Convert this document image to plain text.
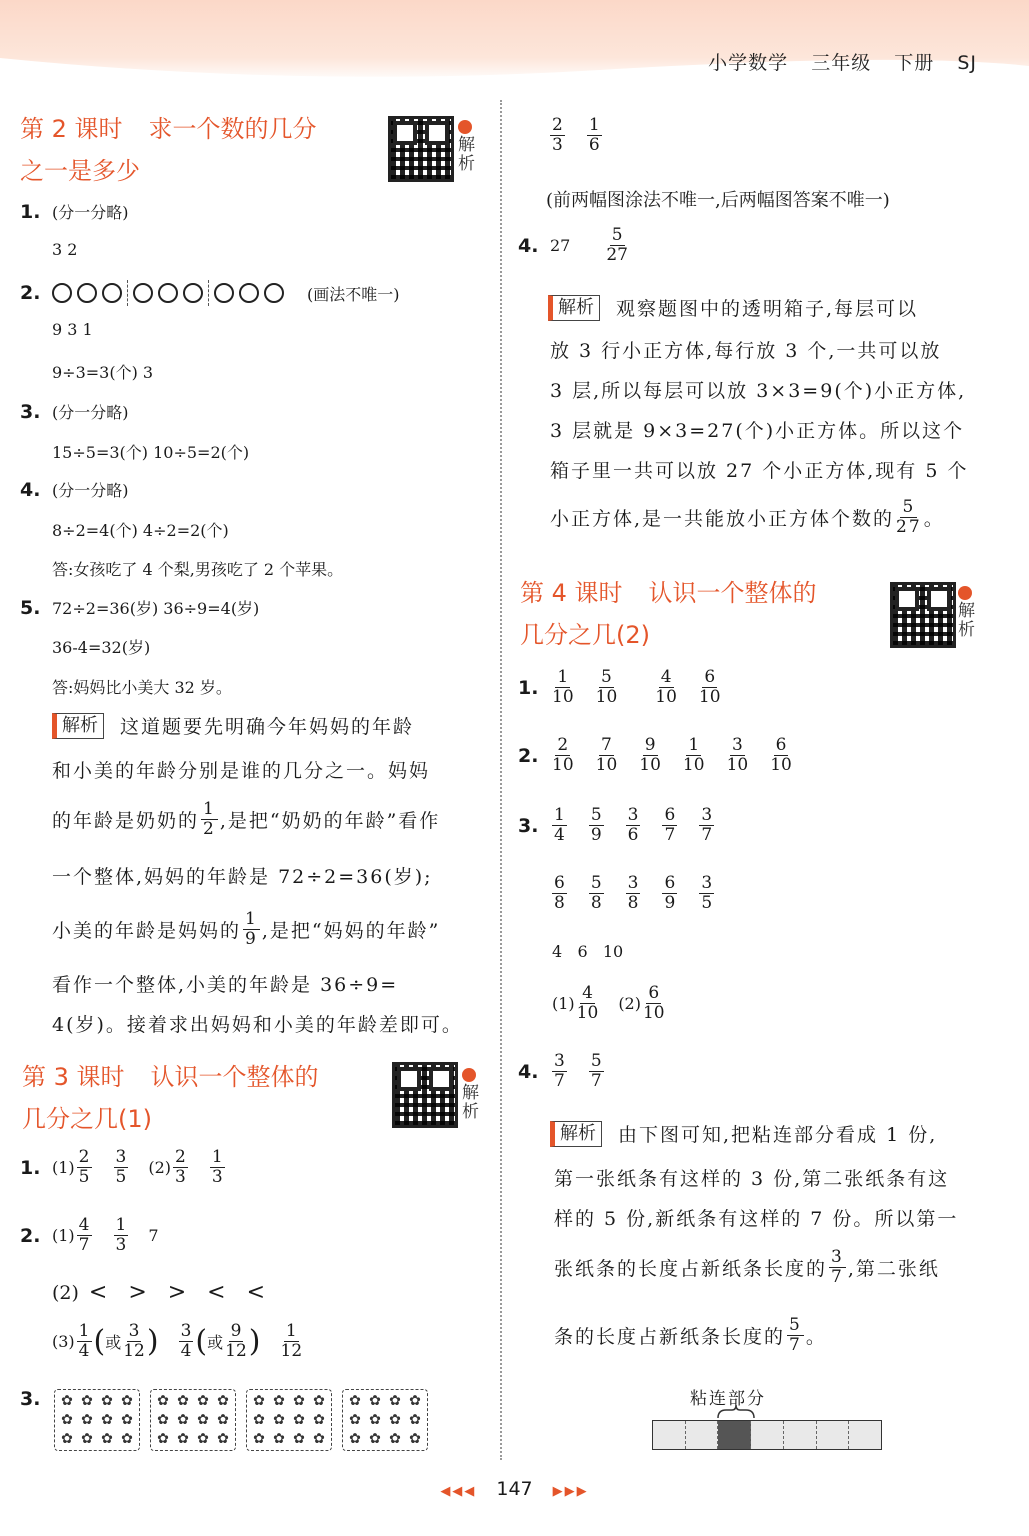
小学数学 三年级 下册 SJ
第 2 课时 求一个数的几分
之一是多少
解析
1. (分一分略)
3 2
2.	(画法不唯一)
9 3 1
9÷3=3(个) 3
3. (分一分略)
15÷5=3(个) 10÷5=2(个)
4. (分一分略)
8÷2=4(个) 4÷2=2(个)
答:女孩吃了 4 个梨,男孩吃了 2 个苹果。
5. 72÷2=36(岁) 36÷9=4(岁)
36-4=32(岁)
答:妈妈比小美大 32 岁。
解析	这道题要先明确今年妈妈的年龄
和小美的年龄分别是谁的几分之一。妈妈
的年龄是奶奶的 $\frac{1}{2}$ ,是把“奶奶的年龄”看作
一个整体,妈妈的年龄是 72÷2=36(岁);
小美的年龄是妈妈的 $\frac{1}{9}$ ,是把“妈妈的年龄”
看作一个整体,小美的年龄是 36÷9=
4(岁)。接着求出妈妈和小美的年龄差即可。
第 3 课时 认识一个整体的
几分之几(1)
解析
1. $(1) \frac{2}{5} \frac{3}{5} (2) \frac{2}{3} \frac{1}{3}$
2. $(1) \frac{4}{7} \frac{1}{3} 7$
(2) <   >   >   <   <
$(3) \frac{1}{4}$ ( 或 $\frac{3}{12}$ ) $\frac{3}{4}$ ( 或 $\frac{9}{12}$ ) $\frac{1}{12}$
3.	✿ ✿ ✿ ✿
✿ ✿ ✿ ✿
✿ ✿ ✿ ✿
✿ ✿ ✿ ✿
✿ ✿ ✿ ✿
✿ ✿ ✿ ✿
✿ ✿ ✿ ✿
✿ ✿ ✿ ✿
✿ ✿ ✿ ✿
✿ ✿ ✿ ✿
✿ ✿ ✿ ✿
✿ ✿ ✿ ✿
$\frac{2}{3} \frac{1}{6}$
(前两幅图涂法不唯一,后两幅图答案不唯一)
4. $27 \frac{5}{27}$
解析	观察题图中的透明箱子,每层可以
放 3 行小正方体,每行放 3 个,一共可以放
3 层,所以每层可以放 3×3=9(个)小正方体,
3 层就是 9×3=27(个)小正方体。所以这个
箱子里一共可以放 27 个小正方体,现有 5 个
小正方体,是一共能放小正方体个数的 $\frac{5}{27}$ 。
第 4 课时 认识一个整体的
几分之几(2)
解析
1. $\frac{1}{10} \frac{5}{10} \frac{4}{10} \frac{6}{10}$
2. $\frac{2}{10} \frac{7}{10} \frac{9}{10} \frac{1}{10} \frac{3}{10} \frac{6}{10}$
3. $\frac{1}{4} \frac{5}{9} \frac{3}{6} \frac{6}{7} \frac{3}{7}$
$\frac{6}{8} \frac{5}{8} \frac{3}{8} \frac{6}{9} \frac{3}{5}$
4   6   10
$(1) \frac{4}{10} (2) \frac{6}{10}$
4. $\frac{3}{7} \frac{5}{7}$
解析	由下图可知,把粘连部分看成 1 份,
第一张纸条有这样的 3 份,第二张纸条有这
样的 5 份,新纸条有这样的 7 份。所以第一
张纸条的长度占新纸条长度的 $\frac{3}{7}$ ,第二张纸
条的长度占新纸条长度的 $\frac{5}{7}$ 。
粘连部分
◀◀◀ 147 ▶▶▶
